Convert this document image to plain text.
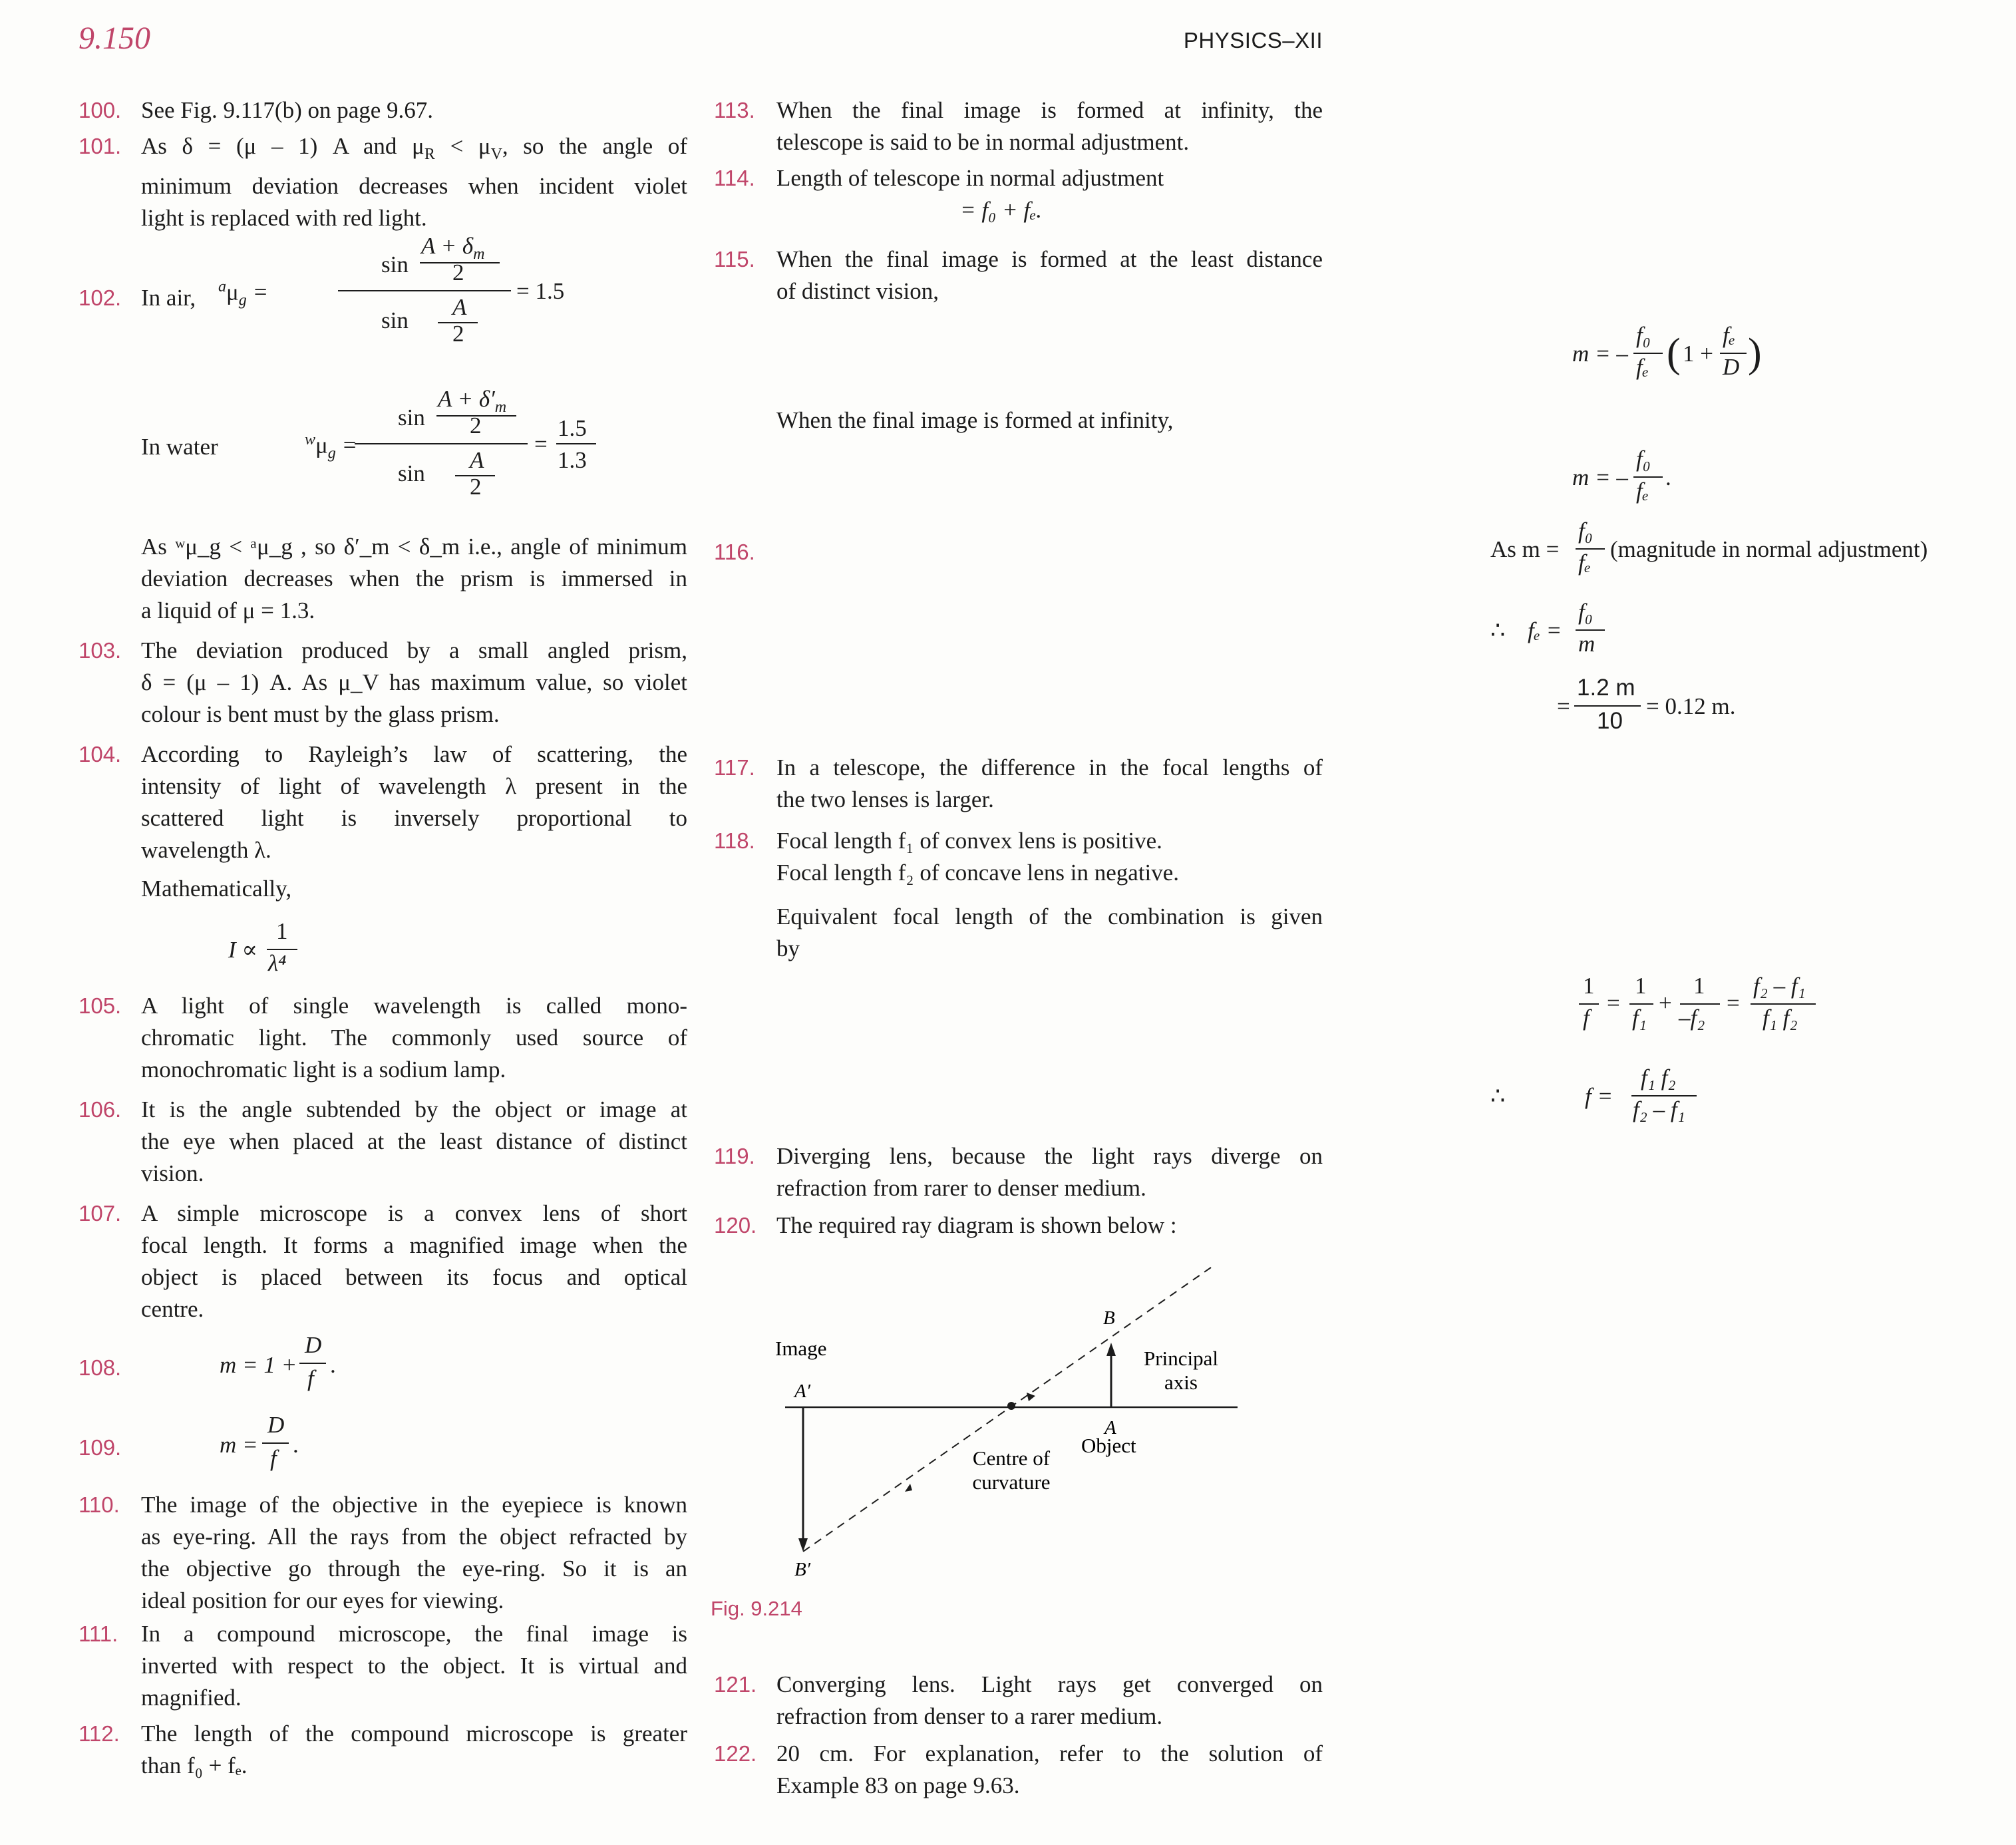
9.150	PHYSICS–XII
100. See Fig. 9.117(b) on page 9.67.
101. As δ = (μ – 1) A and $\mu_R < \mu_V$, so the angle of
minimum deviation decreases when incident violet
light is replaced with red light.
102. In air, $^a\mu_g$ =
sin
$A + \delta_m$
2
= 1.5
sin
A
2
In water	$^w\mu_g$ =
sin
$A + \delta'_m$
2
sin
A
2
=
1.5
1.3
As ʷμ_g < ᵃμ_g , so δ′_m < δ_m i.e., angle of minimum
deviation decreases when the prism is immersed in
a liquid of μ = 1.3.
103. The deviation produced by a small angled prism,
δ = (μ – 1) A. As μ_V has maximum value, so violet
colour is bent must by the glass prism.
104. According to Rayleigh’s law of scattering, the
intensity of light of wavelength λ present in the
scattered light is inversely proportional to
wavelength λ.
Mathematically,
I ∝
1
λ⁴
105. A light of single wavelength is called mono-
chromatic light. The commonly used source of
monochromatic light is a sodium lamp.
106. It is the angle subtended by the object or image at
the eye when placed at the least distance of distinct
vision.
107. A simple microscope is a convex lens of short
focal length. It forms a magnified image when the
object is placed between its focus and optical
centre.
108.	m = 1 +
D
f
.
109.	m =
D
f
.
110. The image of the objective in the eyepiece is known
as eye-ring. All the rays from the object refracted by
the objective go through the eye-ring. So it is an
ideal position for our eyes for viewing.
111. In a compound microscope, the final image is
inverted with respect to the object. It is virtual and
magnified.
112. The length of the compound microscope is greater
than f₀ + fₑ.
113. When the final image is formed at infinity, the
telescope is said to be in normal adjustment.
114. Length of telescope in normal adjustment
= f₀ + fₑ.
115. When the final image is formed at the least distance
of distinct vision,
m = –
f₀
fₑ ( 1 +
fₑ
D )
When the final image is formed at infinity,
m = –
f₀
fₑ
.
116.	As m =
f₀
fₑ
(magnitude in normal adjustment)
∴ fₑ =
f₀
m
=
1.2 m
10
= 0.12 m.
117. In a telescope, the difference in the focal lengths of
the two lenses is larger.
118. Focal length f₁ of convex lens is positive.
Focal length f₂ of concave lens in negative.
Equivalent focal length of the combination is given
by
1
f
=
1
f₁
+
1
–f₂
=
f₂ – f₁
f₁ f₂
∴	f =
f₁ f₂
f₂ – f₁
119. Diverging lens, because the light rays diverge on
refraction from rarer to denser medium.
120. The required ray diagram is shown below :
121. Converging lens. Light rays get converged on
refraction from denser to a rarer medium.
122. 20 cm. For explanation, refer to the solution of
Example 83 on page 9.63.
Image
A′
B′
B
A
Object
Principal
axis
Centre of
curvature
Fig. 9.214
